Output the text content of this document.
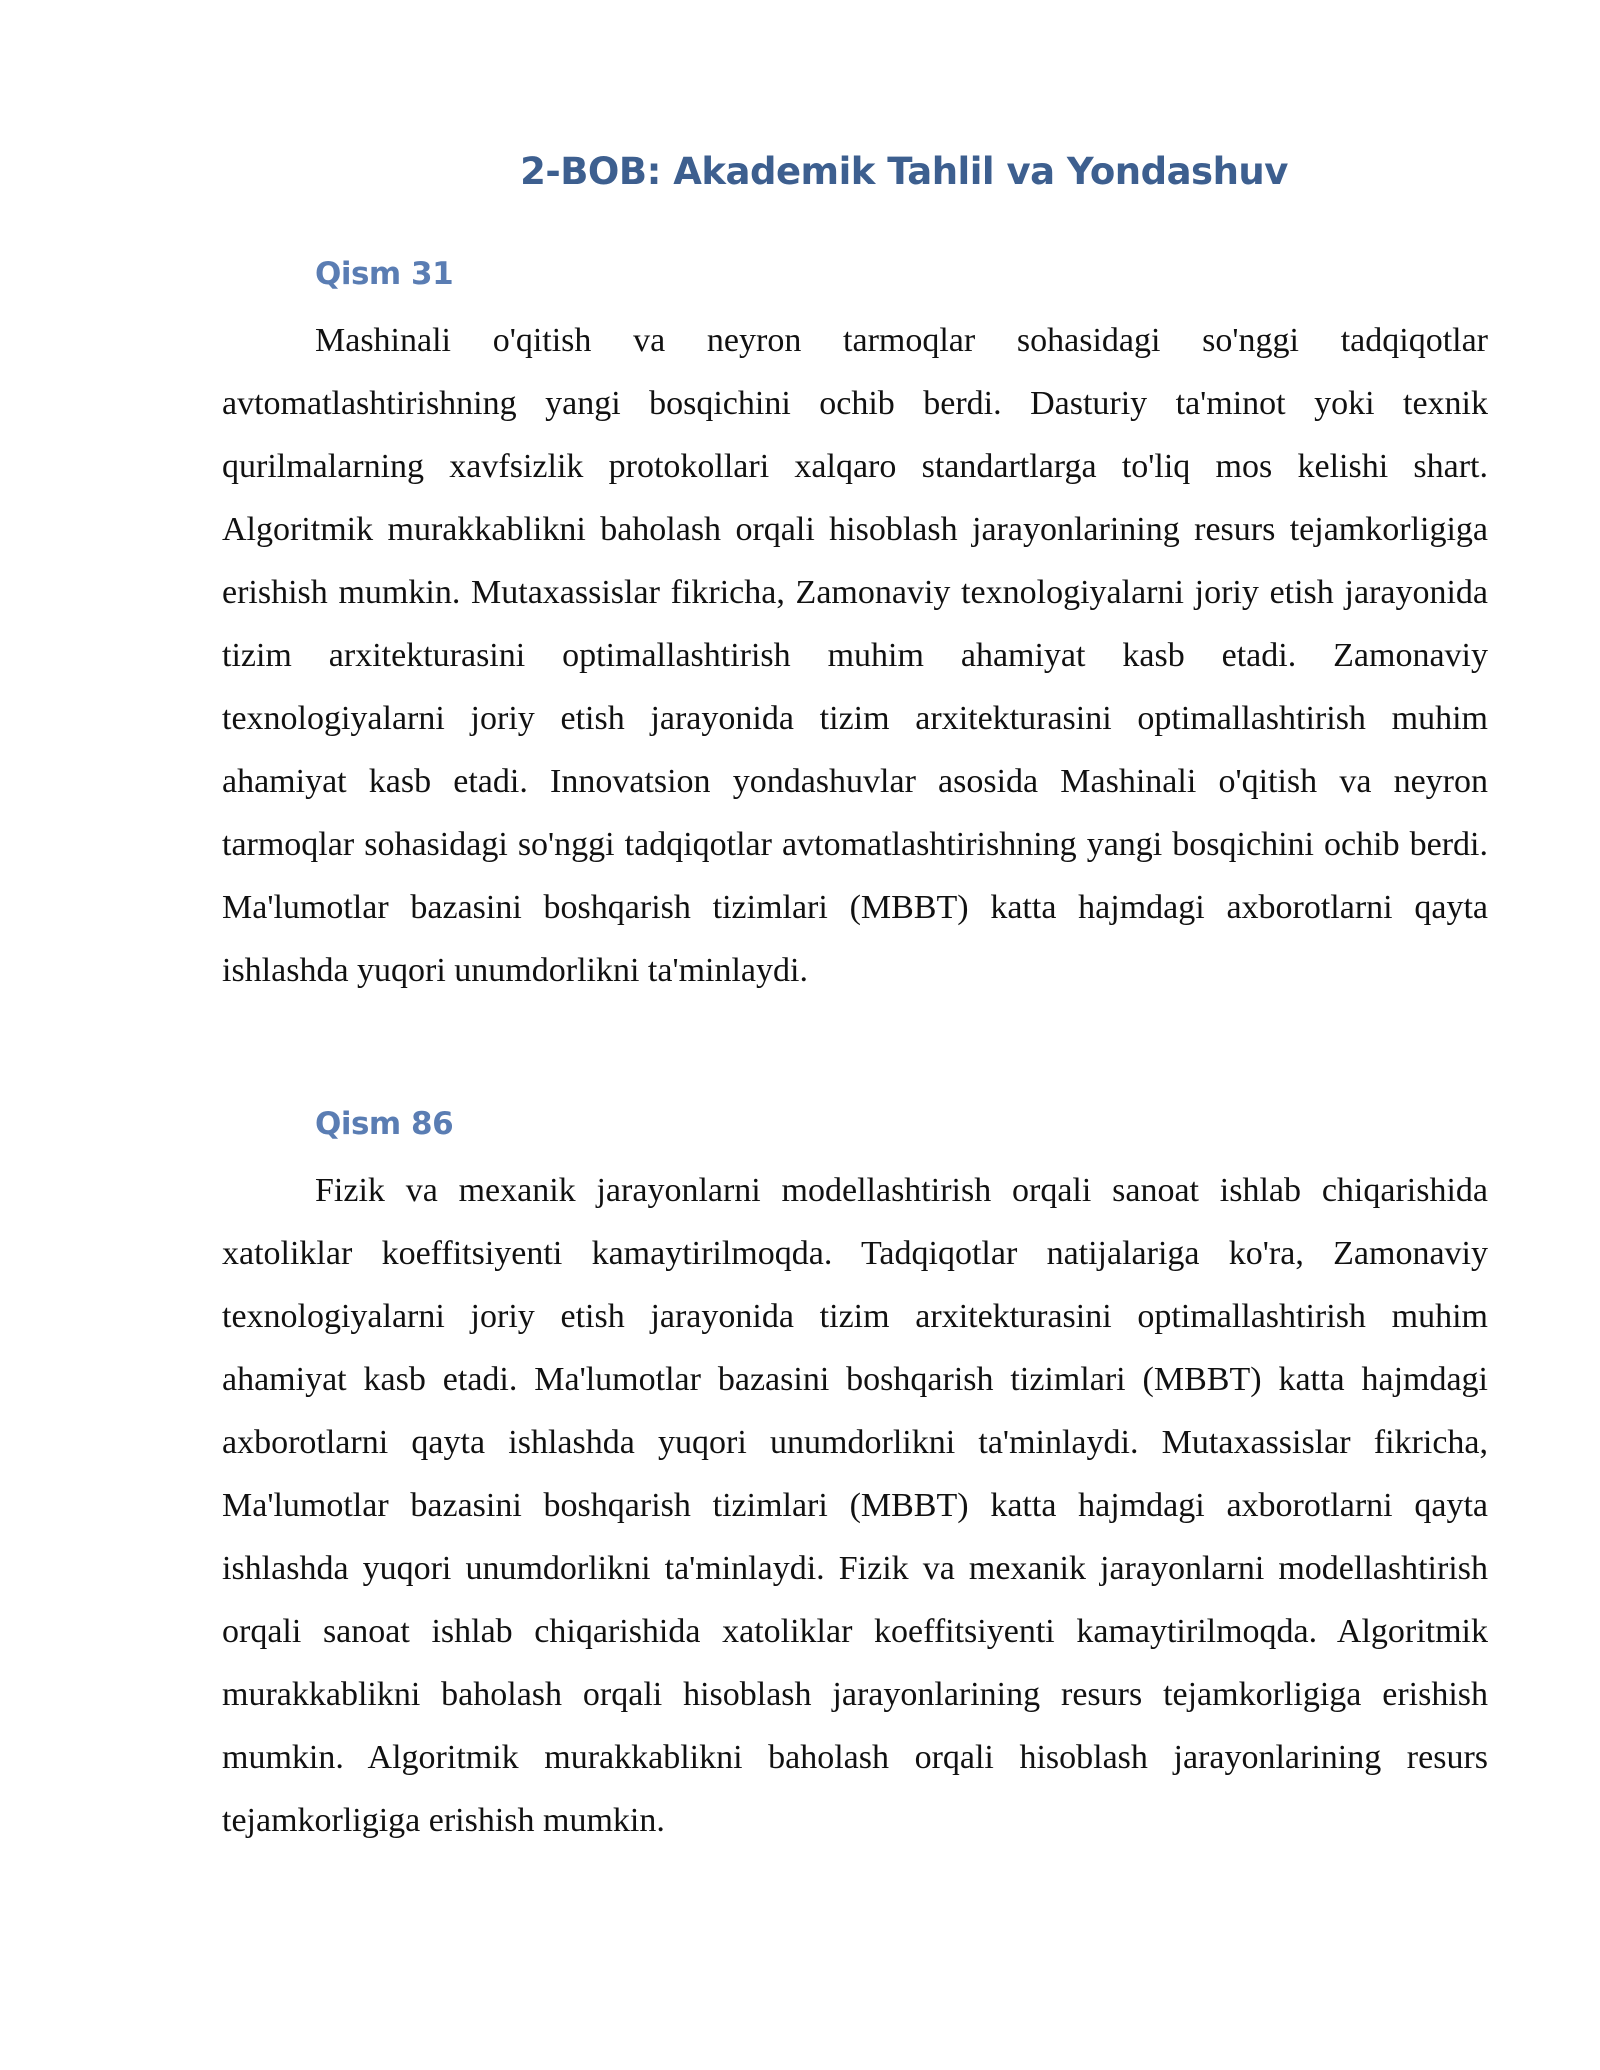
2-BOB: Akademik Tahlil va Yondashuv
Qism 31

Mashinali o'qitish va neyron tarmoqlar sohasidagi so'nggi tadqiqotlar avtomatlashtirishning yangi bosqichini ochib berdi. Dasturiy ta'minot yoki texnik qurilmalarning xavfsizlik protokollari xalqaro standartlarga to'liq mos kelishi shart. Algoritmik murakkablikni baholash orqali hisoblash jarayonlarining resurs tejamkorligiga erishish mumkin. Mutaxassislar fikricha, Zamonaviy texnologiyalarni joriy etish jarayonida tizim arxitekturasini optimallashtirish muhim ahamiyat kasb etadi. Zamonaviy texnologiyalarni joriy etish jarayonida tizim arxitekturasini optimallashtirish muhim ahamiyat kasb etadi. Innovatsion yondashuvlar asosida Mashinali o'qitish va neyron tarmoqlar sohasidagi so'nggi tadqiqotlar avtomatlashtirishning yangi bosqichini ochib berdi. Ma'lumotlar bazasini boshqarish tizimlari (MBBT) katta hajmdagi axborotlarni qayta ishlashda yuqori unumdorlikni ta'minlaydi.

Qism 86

Fizik va mexanik jarayonlarni modellashtirish orqali sanoat ishlab chiqarishida xatoliklar koeffitsiyenti kamaytirilmoqda. Tadqiqotlar natijalariga ko'ra, Zamonaviy texnologiyalarni joriy etish jarayonida tizim arxitekturasini optimallashtirish muhim ahamiyat kasb etadi. Ma'lumotlar bazasini boshqarish tizimlari (MBBT) katta hajmdagi axborotlarni qayta ishlashda yuqori unumdorlikni ta'minlaydi. Mutaxassislar fikricha, Ma'lumotlar bazasini boshqarish tizimlari (MBBT) katta hajmdagi axborotlarni qayta ishlashda yuqori unumdorlikni ta'minlaydi. Fizik va mexanik jarayonlarni modellashtirish orqali sanoat ishlab chiqarishida xatoliklar koeffitsiyenti kamaytirilmoqda. Algoritmik murakkablikni baholash orqali hisoblash jarayonlarining resurs tejamkorligiga erishish mumkin. Algoritmik murakkablikni baholash orqali hisoblash jarayonlarining resurs tejamkorligiga erishish mumkin.
